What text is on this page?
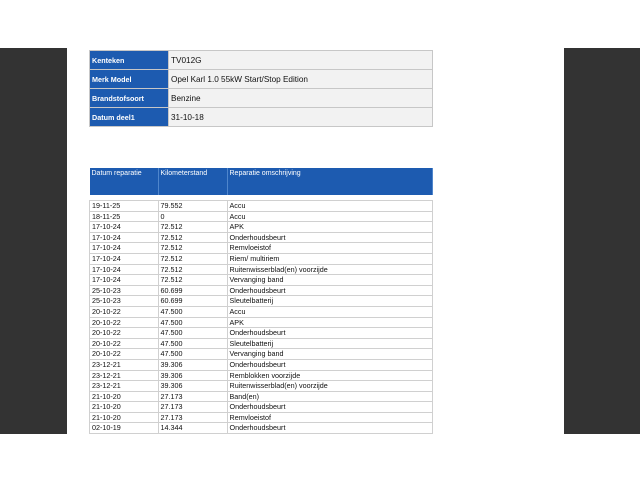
Kenteken	TV012G
Merk Model	Opel Karl 1.0 55kW Start/Stop Edition
Brandstofsoort	Benzine
Datum deel1	31-10-18
Datum reparatie	Kilometerstand	Reparatie omschrijving

19-11-25	79.552	Accu
18-11-25	0	Accu
17-10-24	72.512	APK
17-10-24	72.512	Onderhoudsbeurt
17-10-24	72.512	Remvloeistof
17-10-24	72.512	Riem/ multiriem
17-10-24	72.512	Ruitenwisserblad(en) voorzijde
17-10-24	72.512	Vervanging band
25-10-23	60.699	Onderhoudsbeurt
25-10-23	60.699	Sleutelbatterij
20-10-22	47.500	Accu
20-10-22	47.500	APK
20-10-22	47.500	Onderhoudsbeurt
20-10-22	47.500	Sleutelbatterij
20-10-22	47.500	Vervanging band
23-12-21	39.306	Onderhoudsbeurt
23-12-21	39.306	Remblokken voorzijde
23-12-21	39.306	Ruitenwisserblad(en) voorzijde
21-10-20	27.173	Band(en)
21-10-20	27.173	Onderhoudsbeurt
21-10-20	27.173	Remvloeistof
02-10-19	14.344	Onderhoudsbeurt
